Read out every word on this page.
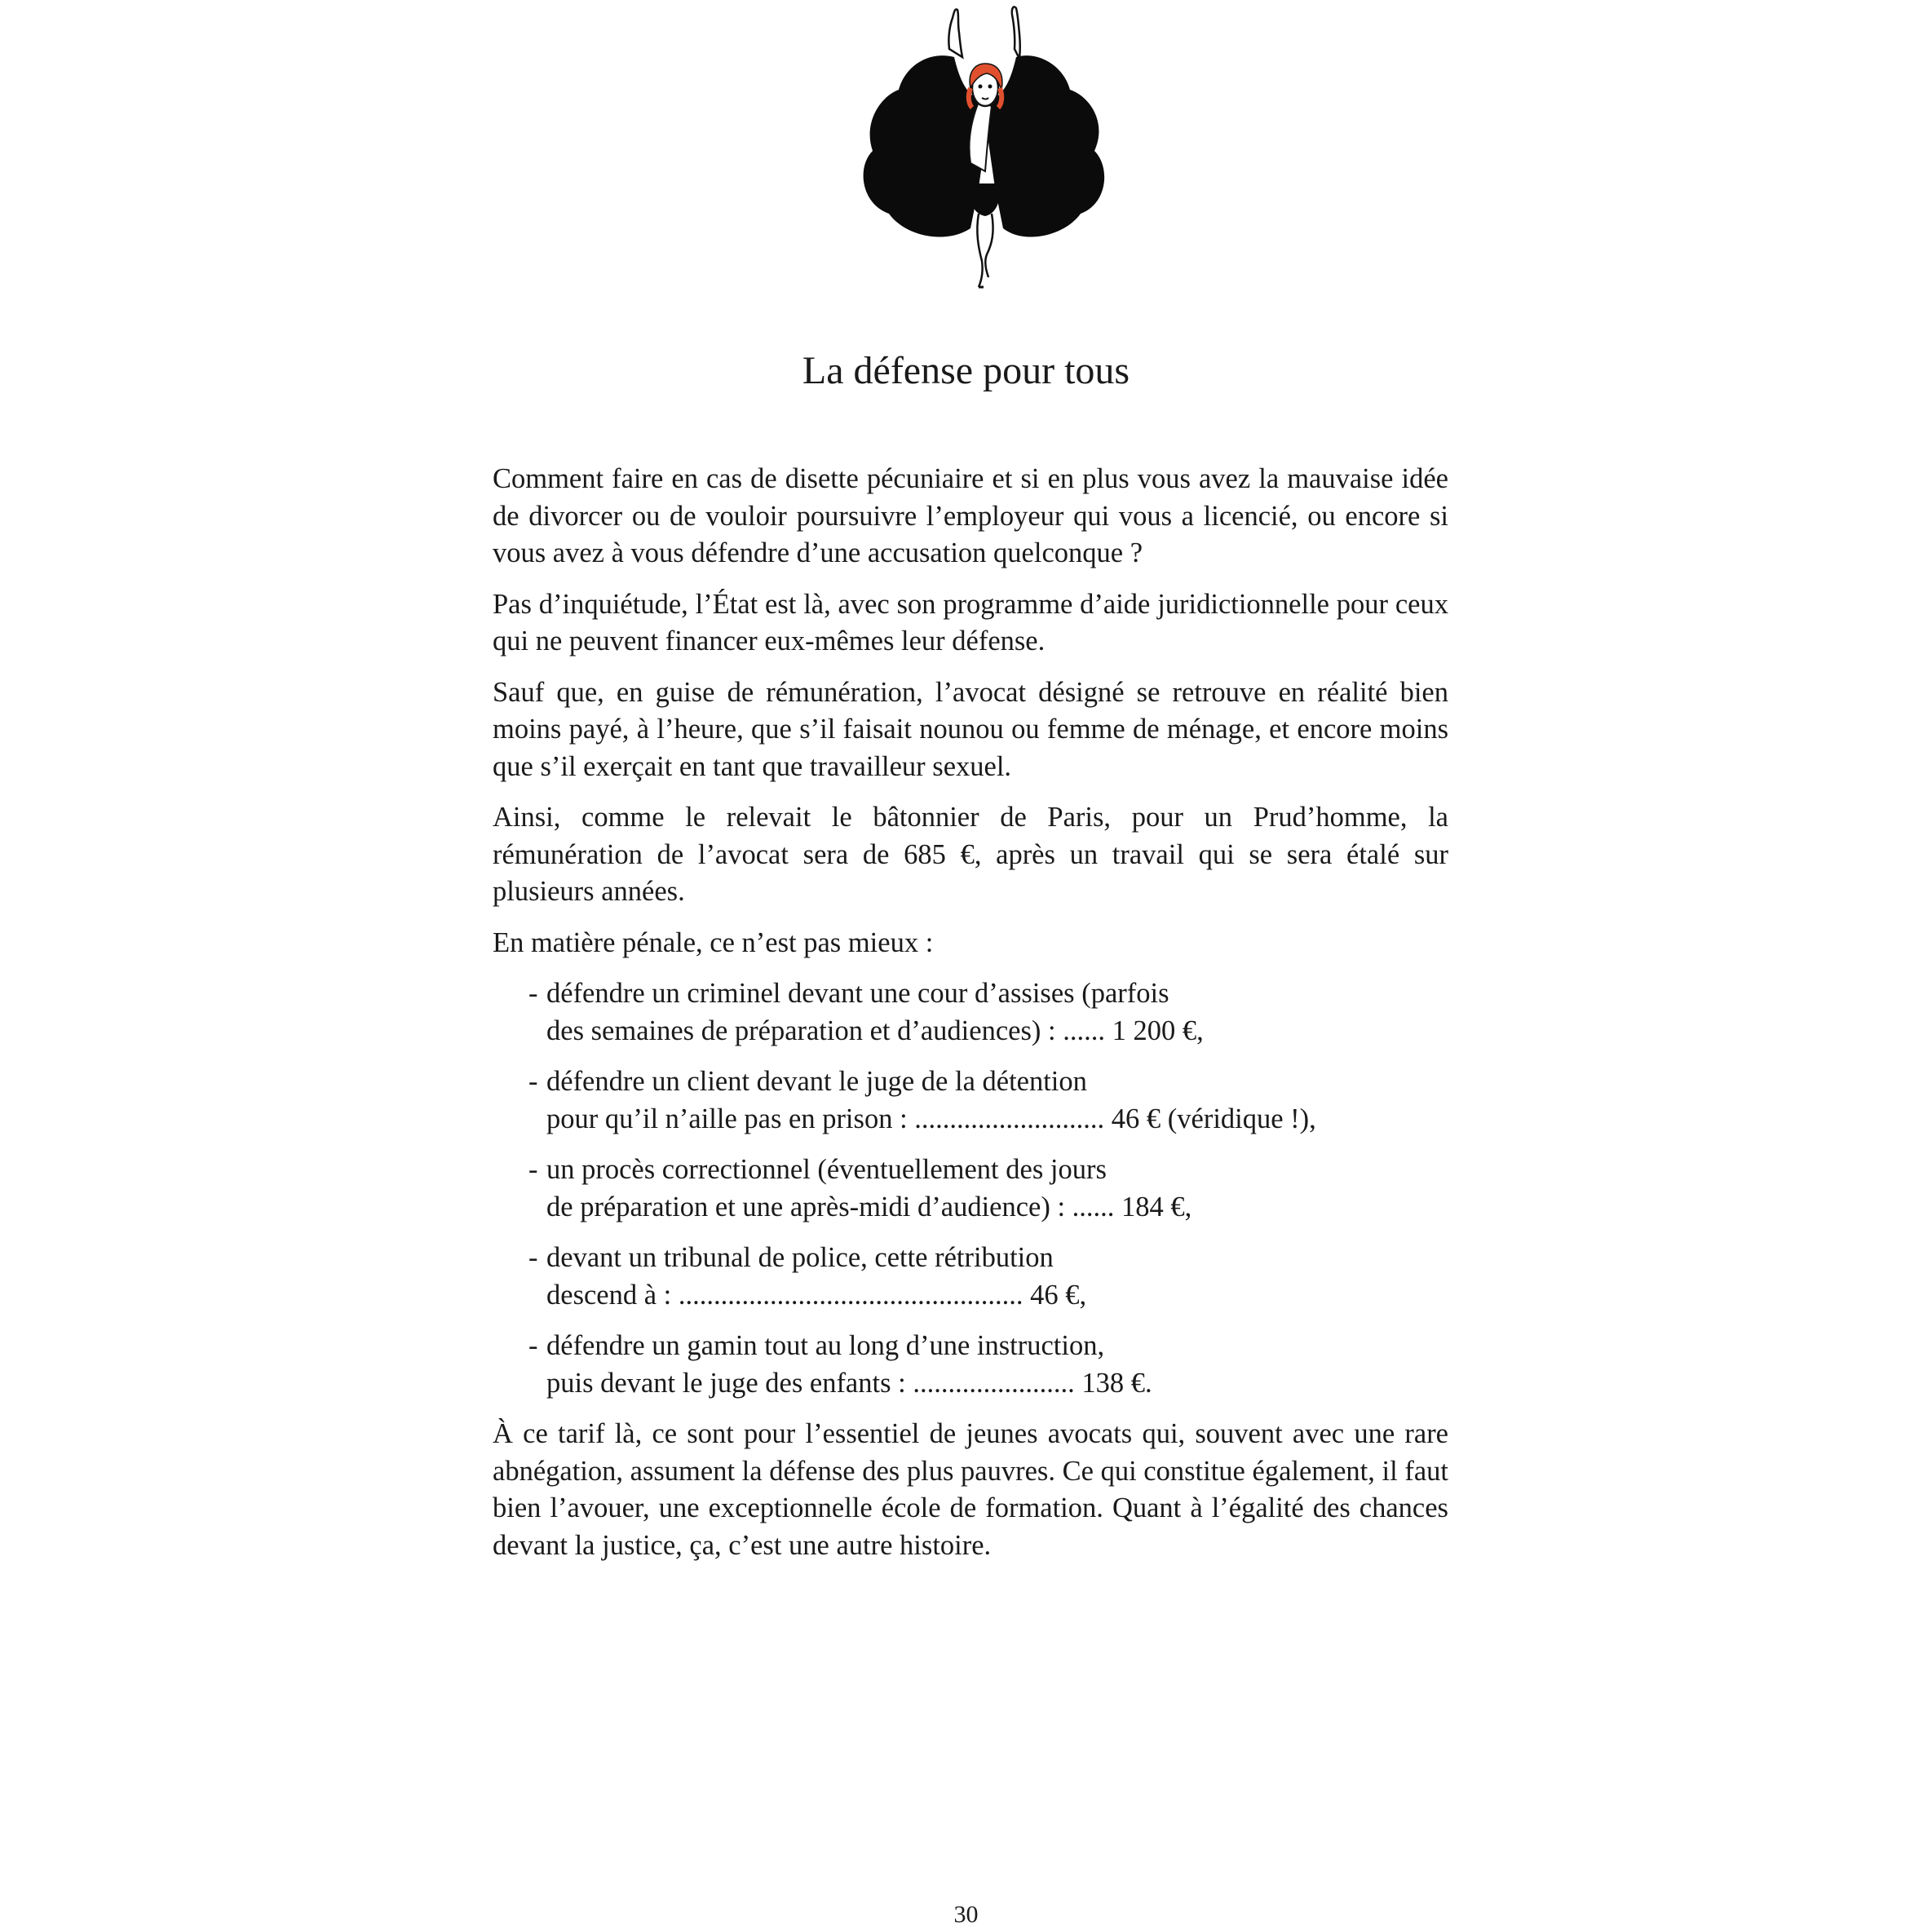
La défense pour tous

Comment faire en cas de disette pécuniaire et si en plus vous avez la mauvaise idée de divorcer ou de vouloir poursuivre l’employeur qui vous a licencié, ou encore si vous avez à vous défendre d’une accusation quelconque ?

Pas d’inquiétude, l’État est là, avec son programme d’aide juridictionnelle pour ceux qui ne peuvent financer eux-mêmes leur défense.

Sauf que, en guise de rémunération, l’avocat désigné se retrouve en réalité bien moins payé, à l’heure, que s’il faisait nounou ou femme de ménage, et encore moins que s’il exerçait en tant que travailleur sexuel.

Ainsi, comme le relevait le bâtonnier de Paris, pour un Prud’homme, la rémunération de l’avocat sera de 685 €, après un travail qui se sera étalé sur plusieurs années.

En matière pénale, ce n’est pas mieux :

- défendre un criminel devant une cour d’assises (parfois
des semaines de préparation et d’audiences) : ...... 1 200 €,
- défendre un client devant le juge de la détention
pour qu’il n’aille pas en prison : ........................... 46 € (véridique !),
- un procès correctionnel (éventuellement des jours
de préparation et une après-midi d’audience) : ...... 184 €,
- devant un tribunal de police, cette rétribution
descend à : ................................................. 46 €,
- défendre un gamin tout au long d’une instruction,
puis devant le juge des enfants : ....................... 138 €.

À ce tarif là, ce sont pour l’essentiel de jeunes avocats qui, souvent avec une rare abnégation, assument la défense des plus pauvres. Ce qui constitue également, il faut bien l’avouer, une exceptionnelle école de formation. Quant à l’égalité des chances devant la justice, ça, c’est une autre histoire.

30
